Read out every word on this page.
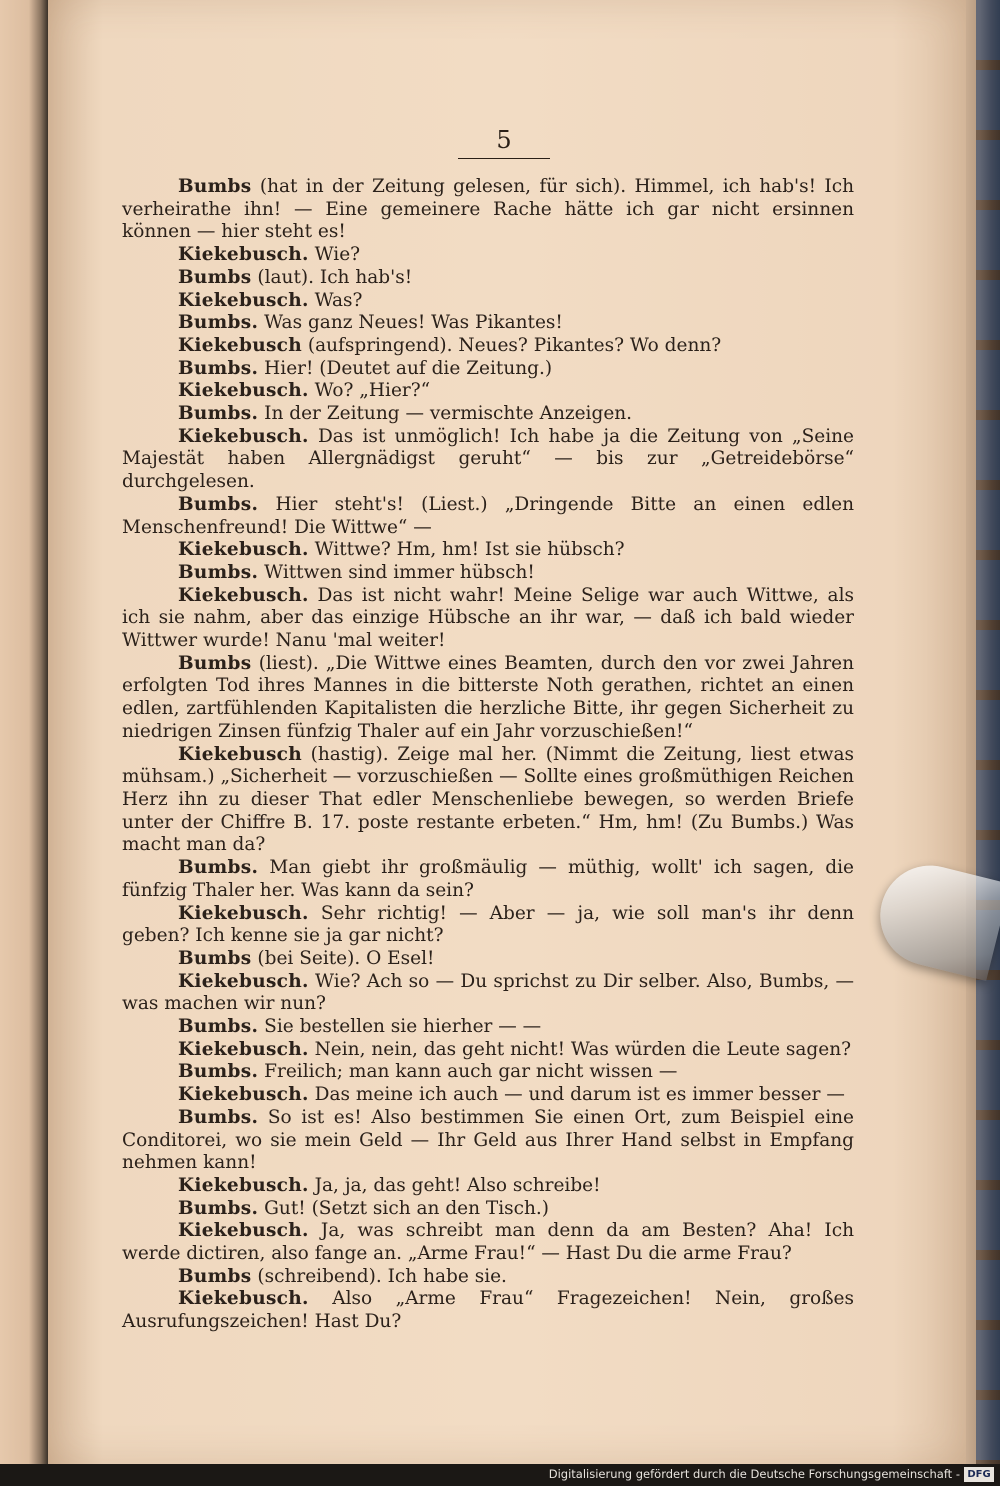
5

Bumbs (hat in der Zeitung gelesen, für sich). Himmel, ich hab's! Ich verheirathe ihn! — Eine gemeinere Rache hätte ich gar nicht ersinnen können — hier steht es!

Kiekebusch. Wie?

Bumbs (laut). Ich hab's!

Kiekebusch. Was?

Bumbs. Was ganz Neues! Was Pikantes!

Kiekebusch (aufspringend). Neues? Pikantes? Wo denn?

Bumbs. Hier! (Deutet auf die Zeitung.)

Kiekebusch. Wo? „Hier?“

Bumbs. In der Zeitung — vermischte Anzeigen.

Kiekebusch. Das ist unmöglich! Ich habe ja die Zeitung von „Seine Majestät haben Allergnädigst geruht“ — bis zur „Getreidebörse“ durchgelesen.

Bumbs. Hier steht's! (Liest.) „Dringende Bitte an einen edlen Menschenfreund! Die Wittwe“ —

Kiekebusch. Wittwe? Hm, hm! Ist sie hübsch?

Bumbs. Wittwen sind immer hübsch!

Kiekebusch. Das ist nicht wahr! Meine Selige war auch Wittwe, als ich sie nahm, aber das einzige Hübsche an ihr war, — daß ich bald wieder Wittwer wurde! Nanu 'mal weiter!

Bumbs (liest). „Die Wittwe eines Beamten, durch den vor zwei Jahren erfolgten Tod ihres Mannes in die bitterste Noth gerathen, richtet an einen edlen, zartfühlenden Kapitalisten die herzliche Bitte, ihr gegen Sicherheit zu niedrigen Zinsen fünfzig Thaler auf ein Jahr vorzuschießen!“

Kiekebusch (hastig). Zeige mal her. (Nimmt die Zeitung, liest etwas mühsam.) „Sicherheit — vorzuschießen — Sollte eines großmüthigen Reichen Herz ihn zu dieser That edler Menschenliebe bewegen, so werden Briefe unter der Chiffre B. 17. poste restante erbeten.“ Hm, hm! (Zu Bumbs.) Was macht man da?

Bumbs. Man giebt ihr großmäulig — müthig, wollt' ich sagen, die fünfzig Thaler her. Was kann da sein?

Kiekebusch. Sehr richtig! — Aber — ja, wie soll man's ihr denn geben? Ich kenne sie ja gar nicht?

Bumbs (bei Seite). O Esel!

Kiekebusch. Wie? Ach so — Du sprichst zu Dir selber. Also, Bumbs, — was machen wir nun?

Bumbs. Sie bestellen sie hierher — —

Kiekebusch. Nein, nein, das geht nicht! Was würden die Leute sagen?

Bumbs. Freilich; man kann auch gar nicht wissen —

Kiekebusch. Das meine ich auch — und darum ist es immer besser —

Bumbs. So ist es! Also bestimmen Sie einen Ort, zum Beispiel eine Conditorei, wo sie mein Geld — Ihr Geld aus Ihrer Hand selbst in Empfang nehmen kann!

Kiekebusch. Ja, ja, das geht! Also schreibe!

Bumbs. Gut! (Setzt sich an den Tisch.)

Kiekebusch. Ja, was schreibt man denn da am Besten? Aha! Ich werde dictiren, also fange an. „Arme Frau!“ — Hast Du die arme Frau?

Bumbs (schreibend). Ich habe sie.

Kiekebusch. Also „Arme Frau“ Fragezeichen! Nein, großes Ausrufungszeichen! Hast Du?

Digitalisierung gefördert durch die Deutsche Forschungsgemeinschaft - DFG
